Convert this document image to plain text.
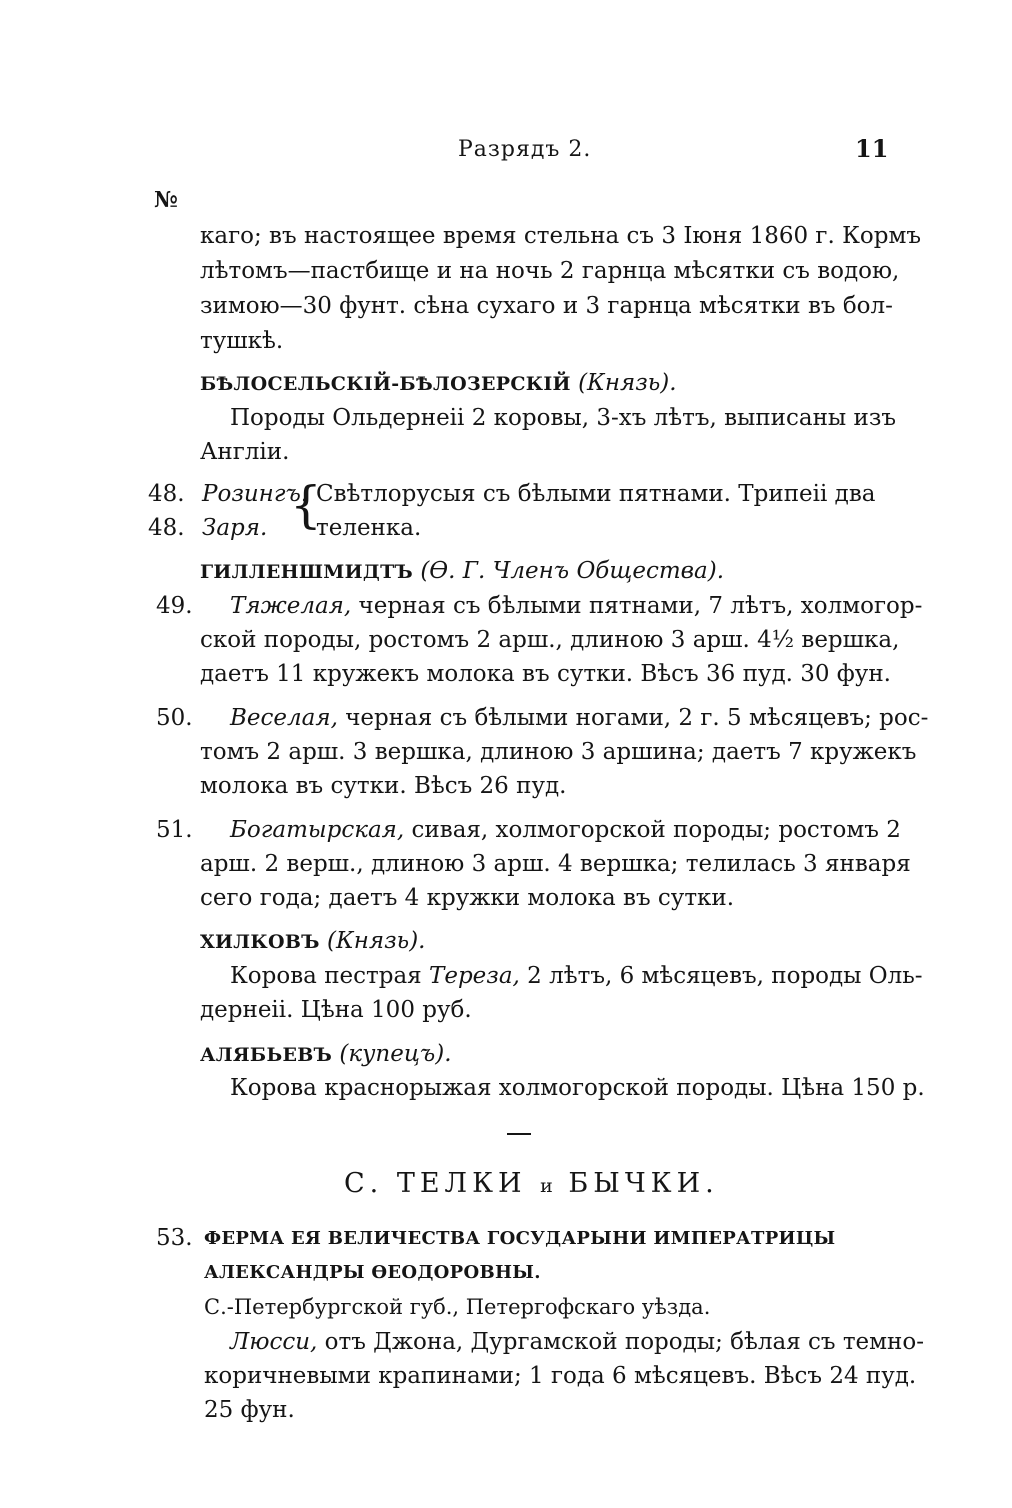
Разрядъ 2.	11
№
каго; въ настоящее время стельна съ 3 Іюня 1860 г. Кормъ
лѣтомъ—пастбище и на ночь 2 гарнца мѣсятки съ водою,
зимою—30 фунт. сѣна сухаго и 3 гарнца мѣсятки въ бол-
тушкѣ.
БѢЛОСЕЛЬСКІЙ-БѢЛОЗЕРСКІЙ (Князь).
Породы Ольдернеіі 2 коровы, 3-хъ лѣтъ, выписаны изъ
Англіи.
48. Розингъ.
48. Заря. {
Свѣтлорусыя съ бѣлыми пятнами. Трипеіі два
теленка.
ГИЛЛЕНШМИДТЪ (Ѳ. Г. Членъ Общества).
49. Тяжелая, черная съ бѣлыми пятнами, 7 лѣтъ, холмогор-
ской породы, ростомъ 2 арш., длиною 3 арш. 4½ вершка,
даетъ 11 кружекъ молока въ сутки. Вѣсъ 36 пуд. 30 фун.
50. Веселая, черная съ бѣлыми ногами, 2 г. 5 мѣсяцевъ; рос-
томъ 2 арш. 3 вершка, длиною 3 аршина; даетъ 7 кружекъ
молока въ сутки. Вѣсъ 26 пуд.
51. Богатырская, сивая, холмогорской породы; ростомъ 2
арш. 2 верш., длиною 3 арш. 4 вершка; телилась 3 января
сего года; даетъ 4 кружки молока въ сутки.
ХИЛКОВЪ (Князь).
Корова пестрая Тереза, 2 лѣтъ, 6 мѣсяцевъ, породы Оль-
дернеіі. Цѣна 100 руб.
АЛЯБЬЕВЪ (купецъ).
Корова краснорыжая холмогорской породы. Цѣна 150 р.
С. ТЕЛКИ и БЫЧКИ.
53. ФЕРМА ЕЯ ВЕЛИЧЕСТВА ГОСУДАРЫНИ ИМПЕРАТРИЦЫ
АЛЕКСАНДРЫ ѲЕОДОРОВНЫ.
С.-Петербургской губ., Петергофскаго уѣзда.
Люсси, отъ Джона, Дургамской породы; бѣлая съ темно-
коричневыми крапинами; 1 года 6 мѣсяцевъ. Вѣсъ 24 пуд.
25 фун.
